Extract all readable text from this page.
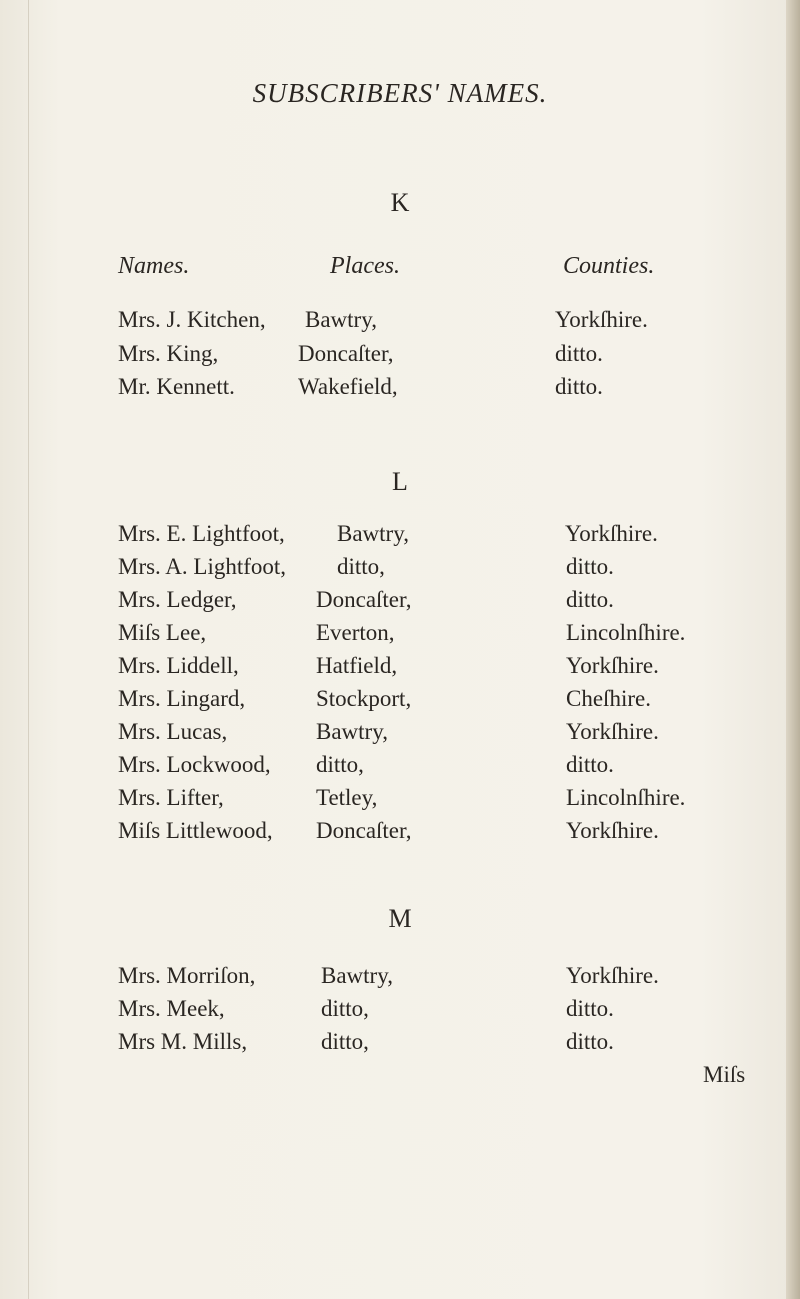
SUBSCRIBERS' NAMES.
K
Names.	Places.	Counties.
Mrs. J. Kitchen, Bawtry,	Yorkſhire.
Mrs. King,	Doncaſter,	ditto.
Mr. Kennett.	Wakefield,	ditto.
L
Mrs. E. Lightfoot, Bawtry,	Yorkſhire.
Mrs. A. Lightfoot, ditto,	ditto.
Mrs. Ledger,	Doncaſter,	ditto.
Miſs Lee,	Everton,	Lincolnſhire.
Mrs. Liddell,	Hatfield,	Yorkſhire.
Mrs. Lingard,	Stockport,	Cheſhire.
Mrs. Lucas,	Bawtry,	Yorkſhire.
Mrs. Lockwood, ditto,	ditto.
Mrs. Lifter,	Tetley,	Lincolnſhire.
Miſs Littlewood, Doncaſter,	Yorkſhire.
M
Mrs. Morriſon,	Bawtry,	Yorkſhire.
Mrs. Meek,	ditto,	ditto.
Mrs M. Mills,	ditto,	ditto.
Miſs
